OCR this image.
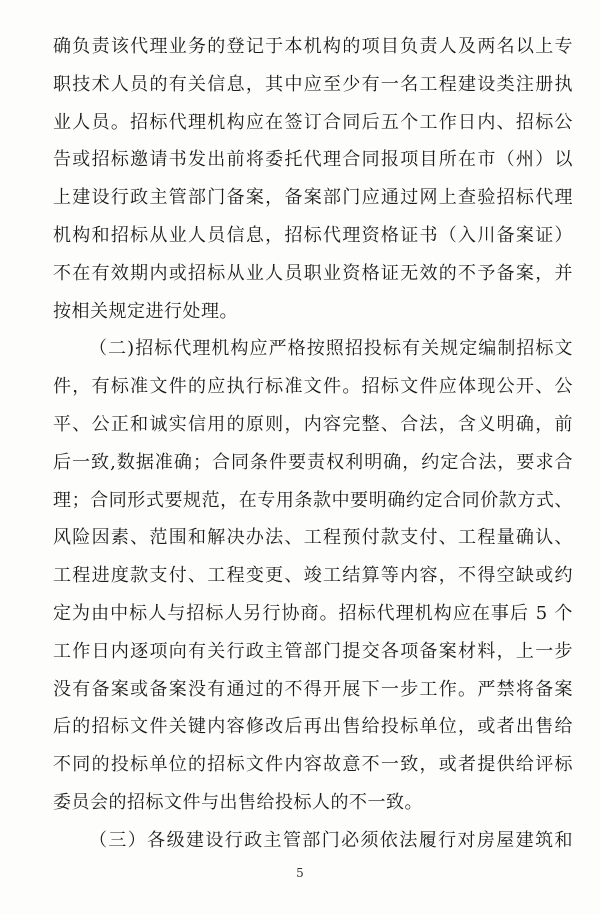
确负责该代理业务的登记于本机构的项目负责人及两名以上专
职技术人员的有关信息，其中应至少有一名工程建设类注册执
业人员。招标代理机构应在签订合同后五个工作日内、招标公
告或招标邀请书发出前将委托代理合同报项目所在市（州）以
上建设行政主管部门备案，备案部门应通过网上查验招标代理
机构和招标从业人员信息，招标代理资格证书（入川备案证）
不在有效期内或招标从业人员职业资格证无效的不予备案，并
按相关规定进行处理。
（二)招标代理机构应严格按照招投标有关规定编制招标文
件，有标准文件的应执行标准文件。招标文件应体现公开、公
平、公正和诚实信用的原则，内容完整、合法，含义明确，前
后一致,数据准确；合同条件要责权利明确，约定合法，要求合
理；合同形式要规范，在专用条款中要明确约定合同价款方式、
风险因素、范围和解决办法、工程预付款支付、工程量确认、
工程进度款支付、工程变更、竣工结算等内容，不得空缺或约
定为由中标人与招标人另行协商。招标代理机构应在事后 5 个
工作日内逐项向有关行政主管部门提交各项备案材料，上一步
没有备案或备案没有通过的不得开展下一步工作。严禁将备案
后的招标文件关键内容修改后再出售给投标单位，或者出售给
不同的投标单位的招标文件内容故意不一致，或者提供给评标
委员会的招标文件与出售给投标人的不一致。
（三）各级建设行政主管部门必须依法履行对房屋建筑和
5
